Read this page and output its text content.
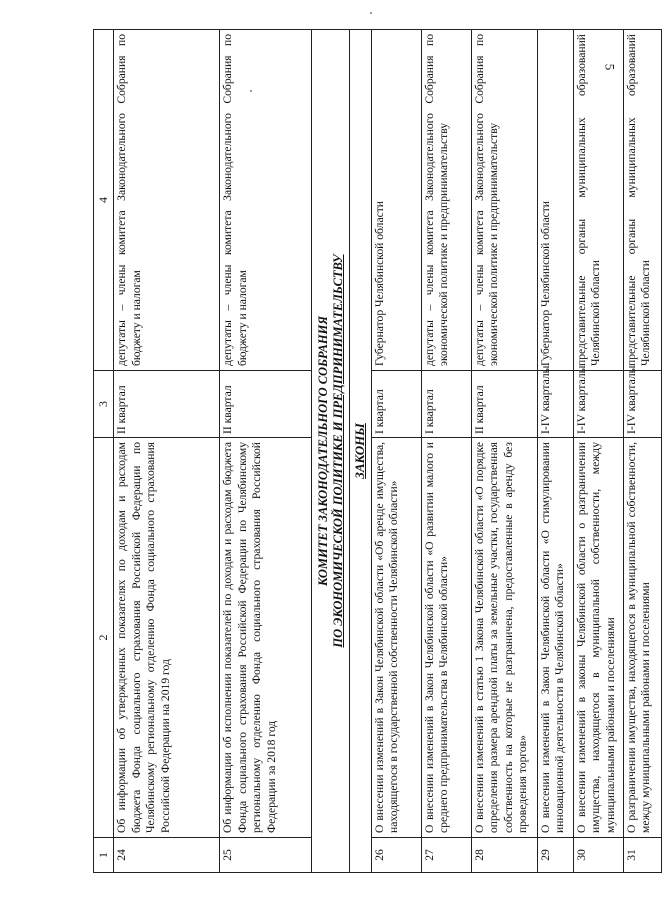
5
1	2	3	4
24	Об информации об утвержденных показателях по доходам и расходам бюджета Фонда социального страхования Российской Федерации по Челябинскому региональному отделению Фонда социального страхования Российской Федерации на 2019 год	II квартал	депутаты – члены комитета Законодательного Собрания по бюджету и налогам
25	Об информации об исполнении показателей по доходам и расходам бюджета Фонда социального страхования Российской Федерации по Челябинскому региональному отделению Фонда социального страхования Российской Федерации за 2018 год	II квартал	депутаты – члены комитета Законодательного Собрания по бюджету и налогам

КОМИТЕТ ЗАКОНОДАТЕЛЬНОГО СОБРАНИЯ ПО ЭКОНОМИЧЕСКОЙ ПОЛИТИКЕ И ПРЕДПРИНИМАТЕЛЬСТВУ			

ЗАКОНЫ			
26	О внесении изменений в Закон Челябинской области «Об аренде имущества, находящегося в государственной собственности Челябинской области»	I квартал	Губернатор Челябинской области
27	О внесении изменений в Закон Челябинской области «О развитии малого и среднего предпринимательства в Челябинской области»	I квартал	депутаты – члены комитета Законодательного Собрания по экономической политике и предпринимательству
28	О внесении изменений в статью 1 Закона Челябинской области «О порядке определения размера арендной платы за земельные участки, государственная собственность на которые не разграничена, предоставленные в аренду без проведения торгов»	II квартал	депутаты – члены комитета Законодательного Собрания по экономической политике и предпринимательству
29	О внесении изменений в Закон Челябинской области «О стимулировании инновационной деятельности в Челябинской области»	I-IV кварталы	Губернатор Челябинской области
30	О внесении изменений в законы Челябинской области о разграничении имущества, находящегося в муниципальной собственности, между муниципальными районами и поселениями	I-IV кварталы	представительные органы муниципальных образований Челябинской области
31	О разграничении имущества, находящегося в муниципальной собственности, между муниципальными районами и поселениями	I-IV кварталы	представительные органы муниципальных образований Челябинской области
